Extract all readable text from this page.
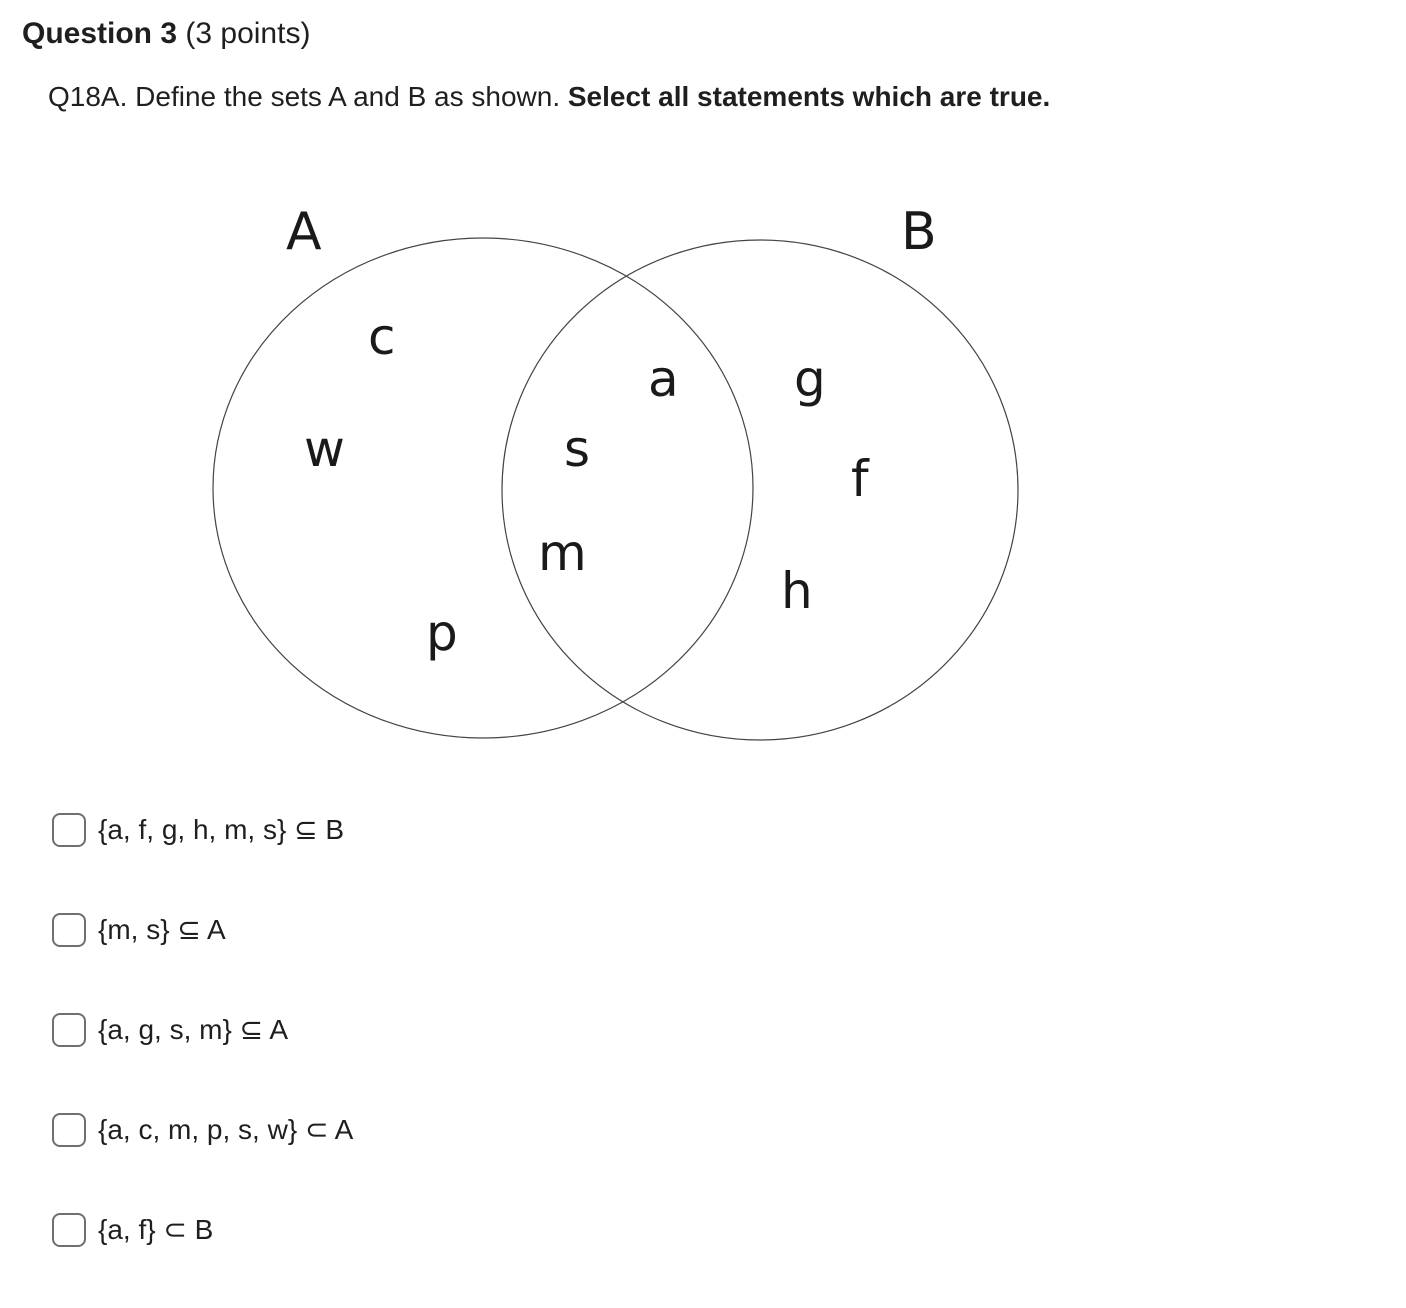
Question 3 (3 points)
Q18A. Define the sets A and B as shown. Select all statements which are true.
A	B
c
w
p
s
m
a g
f
h
{a, f, g, h, m, s} ⊆ B
{m, s} ⊆ A
{a, g, s, m} ⊆ A
{a, c, m, p, s, w} ⊂ A
{a, f} ⊂ B
